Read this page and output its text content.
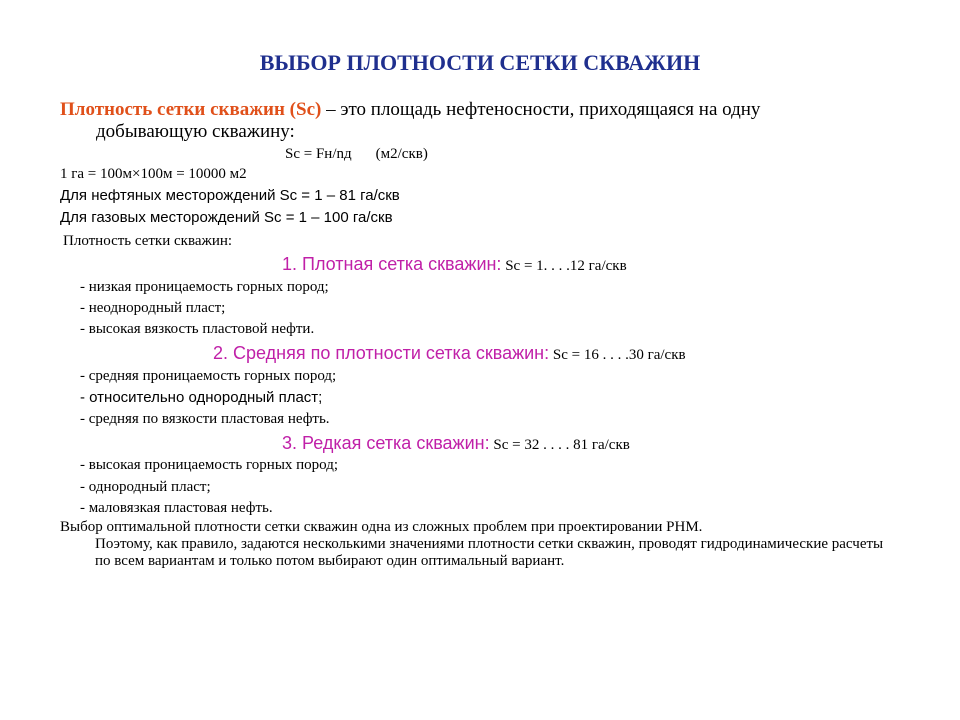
ВЫБОР ПЛОТНОСТИ СЕТКИ СКВАЖИН
Плотность сетки скважин (Sc) – это площадь нефтеносности, приходящаяся на одну
добывающую скважину:
Sc = Fн/nд (м2/скв)
1 га = 100м×100м = 10000 м2
Для нефтяных месторождений Sc = 1 – 81 га/скв
Для газовых месторождений Sc = 1 – 100 га/скв
Плотность сетки скважин:
1. Плотная сетка скважин: Sc = 1. . . .12 га/скв
- низкая проницаемость горных пород;
- неоднородный пласт;
- высокая вязкость пластовой нефти.
2. Средняя по плотности сетка скважин: Sc = 16 . . . .30 га/скв
- средняя проницаемость горных пород;
- относительно однородный пласт;
- средняя по вязкости пластовая нефть.
3. Редкая сетка скважин: Sc = 32 . . . . 81 га/скв
- высокая проницаемость горных пород;
- однородный пласт;
- маловязкая пластовая нефть.
Выбор оптимальной плотности сетки скважин одна из сложных проблем при проектировании РНМ.
Поэтому, как правило, задаются несколькими значениями плотности сетки скважин, проводят гидродинамические расчеты по всем вариантам и только потом выбирают один оптимальный вариант.
